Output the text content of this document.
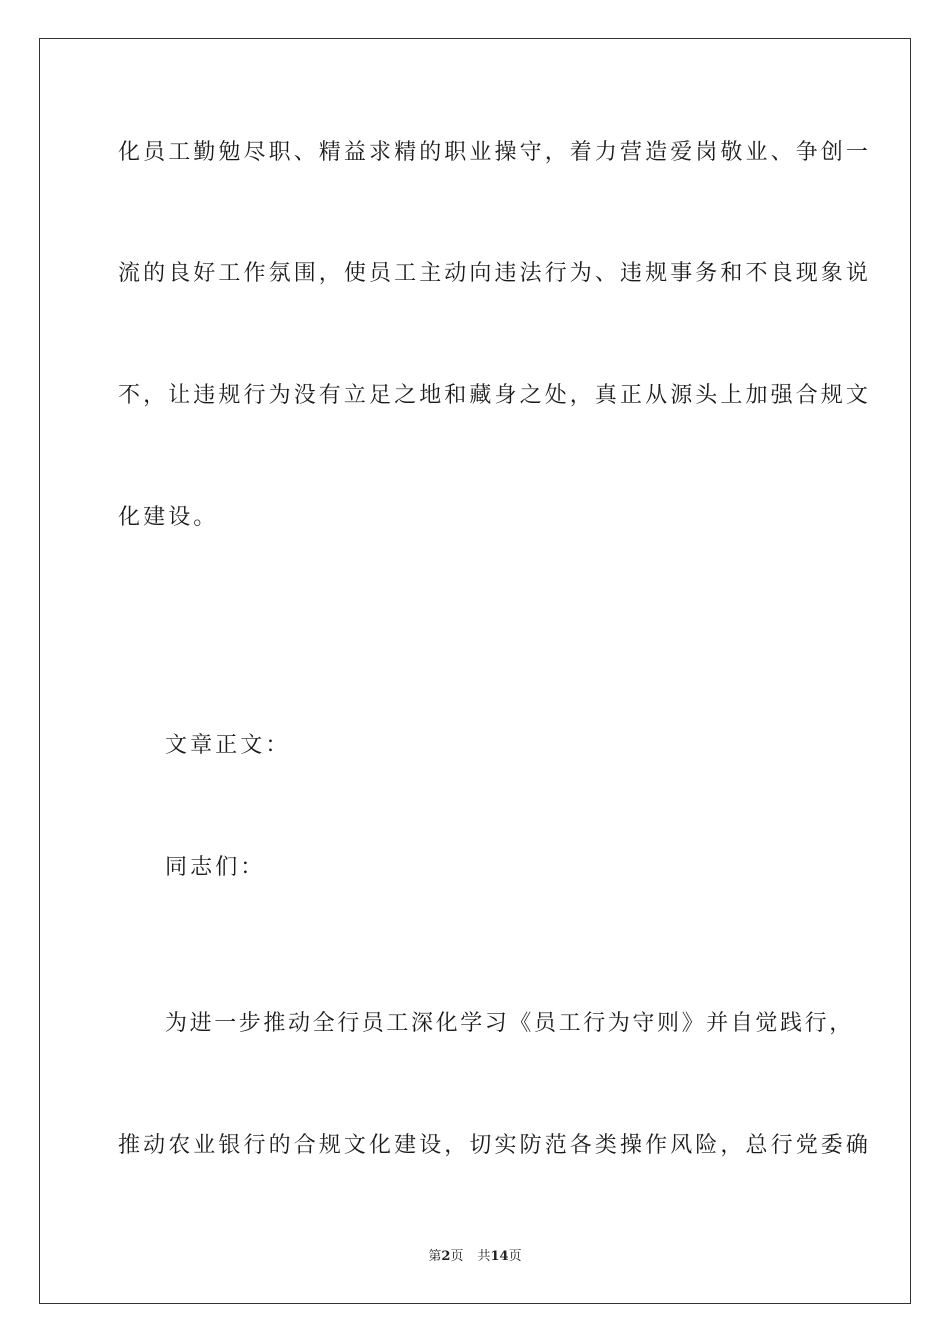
化员工勤勉尽职、精益求精的职业操守，着力营造爱岗敬业、争创一
流的良好工作氛围，使员工主动向违法行为、违规事务和不良现象说
不，让违规行为没有立足之地和藏身之处，真正从源头上加强合规文
化建设。
文章正文：
同志们：
为进一步推动全行员工深化学习《员工行为守则》并自觉践行，
推动农业银行的合规文化建设，切实防范各类操作风险，总行党委确
第2页 共14页
